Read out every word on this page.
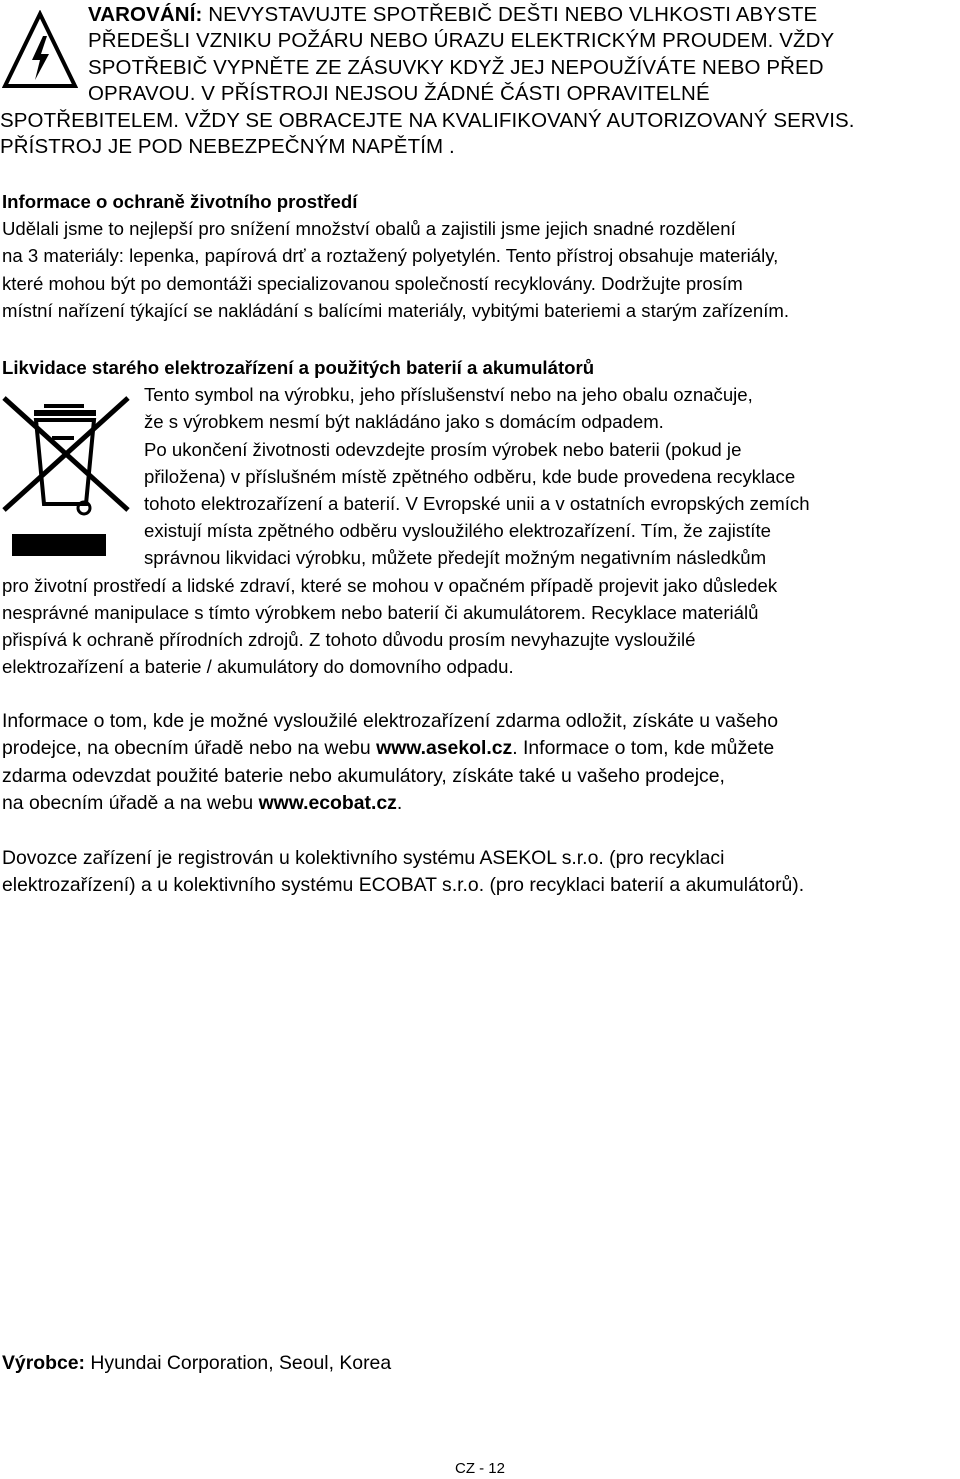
VAROVÁNÍ: NEVYSTAVUJTE SPOTŘEBIČ DEŠTI NEBO VLHKOSTI ABYSTE
PŘEDEŠLI VZNIKU POŽÁRU NEBO ÚRAZU ELEKTRICKÝM PROUDEM. VŽDY
SPOTŘEBIČ VYPNĚTE ZE ZÁSUVKY KDYŽ JEJ NEPOUŽÍVÁTE NEBO PŘED
OPRAVOU. V PŘÍSTROJI NEJSOU ŽÁDNÉ ČÁSTI OPRAVITELNÉ
SPOTŘEBITELEM. VŽDY SE OBRACEJTE NA KVALIFIKOVANÝ AUTORIZOVANÝ SERVIS.
PŘÍSTROJ JE POD NEBEZPEČNÝM NAPĚTÍM .
Informace o ochraně životního prostředí
Udělali jsme to nejlepší pro snížení množství obalů a zajistili jsme jejich snadné rozdělení
na 3 materiály: lepenka, papírová drť a roztažený polyetylén. Tento přístroj obsahuje materiály,
které mohou být po demontáži specializovanou společností recyklovány. Dodržujte prosím
místní nařízení týkající se nakládání s balícími materiály, vybitými bateriemi a starým zařízením.
Likvidace starého elektrozařízení a použitých baterií a akumulátorů
Tento symbol na výrobku, jeho příslušenství nebo na jeho obalu označuje,
že s výrobkem nesmí být nakládáno jako s domácím odpadem.
Po ukončení životnosti odevzdejte prosím výrobek nebo baterii (pokud je
přiložena) v příslušném místě zpětného odběru, kde bude provedena recyklace
tohoto elektrozařízení a baterií. V Evropské unii a v ostatních evropských zemích
existují místa zpětného odběru vysloužilého elektrozařízení. Tím, že zajistíte
správnou likvidaci výrobku, můžete předejít možným negativním následkům
pro životní prostředí a lidské zdraví, které se mohou v opačném případě projevit jako důsledek
nesprávné manipulace s tímto výrobkem nebo baterií či akumulátorem. Recyklace materiálů
přispívá k ochraně přírodních zdrojů. Z tohoto důvodu prosím nevyhazujte vysloužilé
elektrozařízení a baterie / akumulátory do domovního odpadu.
Informace o tom, kde je možné vysloužilé elektrozařízení zdarma odložit, získáte u vašeho
prodejce, na obecním úřadě nebo na webu www.asekol.cz. Informace o tom, kde můžete
zdarma odevzdat použité baterie nebo akumulátory, získáte také u vašeho prodejce,
na obecním úřadě a na webu www.ecobat.cz.
Dovozce zařízení je registrován u kolektivního systému ASEKOL s.r.o. (pro recyklaci
elektrozařízení) a u kolektivního systému ECOBAT s.r.o. (pro recyklaci baterií a akumulátorů).
Výrobce: Hyundai Corporation, Seoul, Korea
CZ - 12
